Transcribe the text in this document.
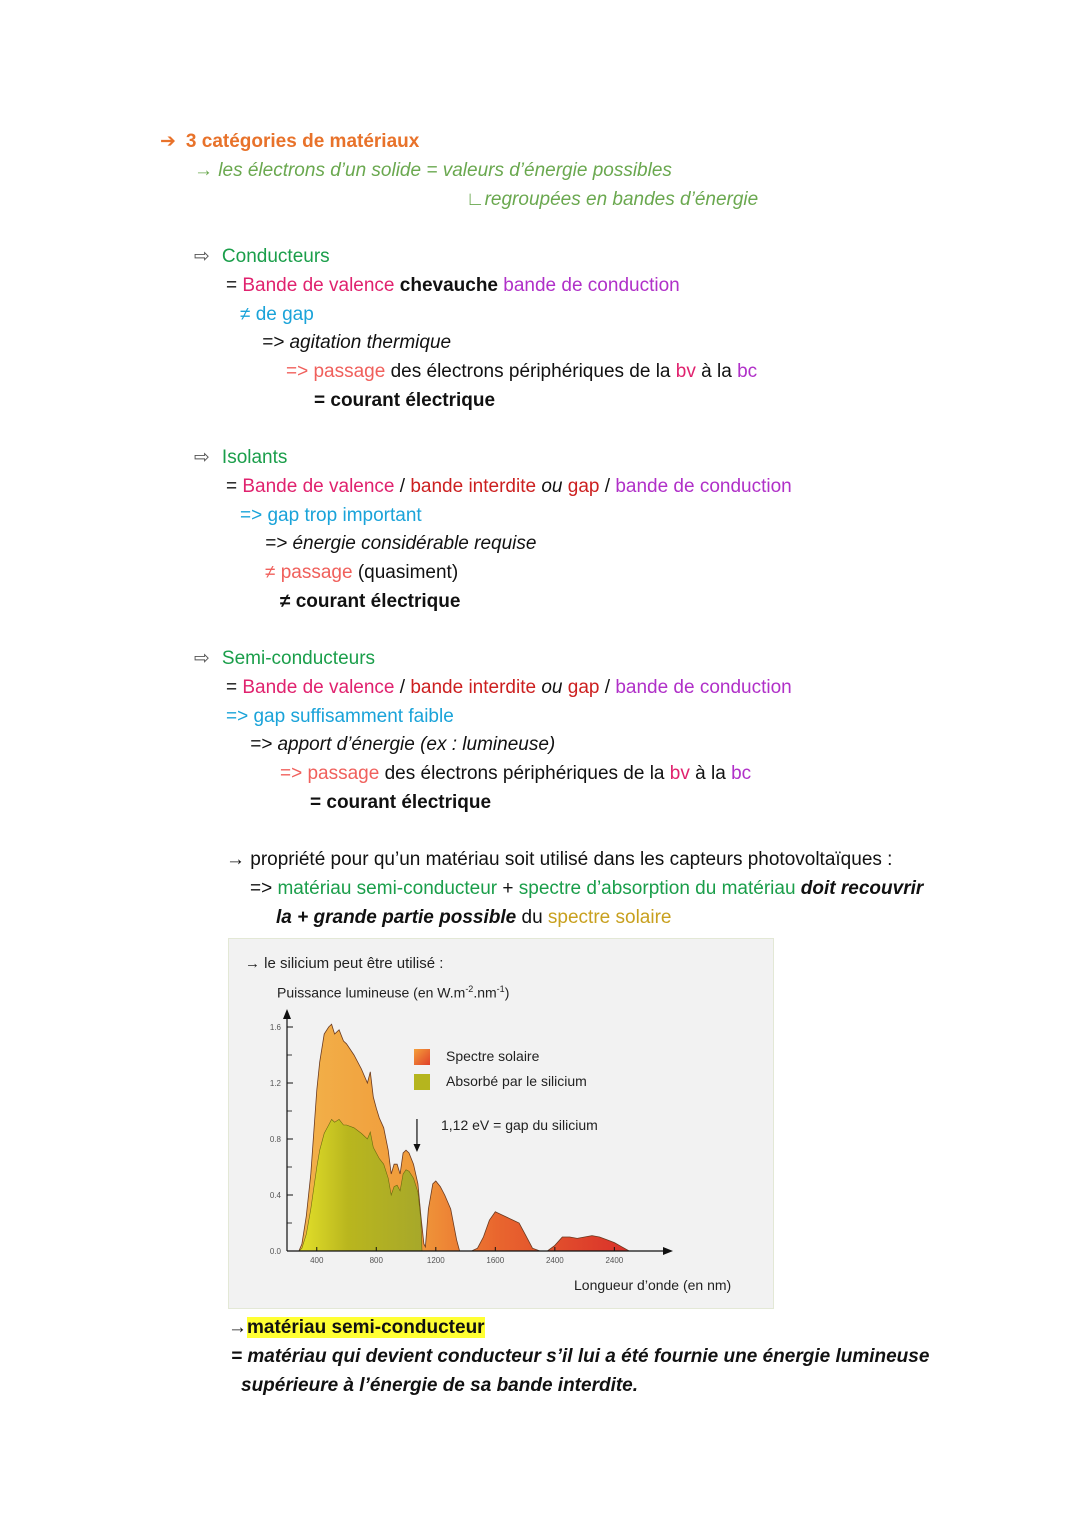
➔ 3 catégories de matériaux
→ les électrons d’un solide = valeurs d’énergie possibles
∟regroupées en bandes d’énergie
⇨ Conducteurs
= Bande de valence chevauche bande de conduction
≠ de gap
=> agitation thermique
=> passage des électrons périphériques de la bv à la bc
= courant électrique
⇨ Isolants
= Bande de valence / bande interdite ou gap / bande de conduction
=> gap trop important
=> énergie considérable requise
≠ passage (quasiment)
≠ courant électrique
⇨ Semi-conducteurs
= Bande de valence / bande interdite ou gap / bande de conduction
=> gap suffisamment faible
=> apport d’énergie (ex : lumineuse)
=> passage des électrons périphériques de la bv à la bc
= courant électrique
→ propriété pour qu’un matériau soit utilisé dans les capteurs photovoltaïques :
=> matériau semi-conducteur + spectre d’absorption du matériau doit recouvrir
la + grande partie possible du spectre solaire
→ le silicium peut être utilisé :
Puissance lumineuse (en $W.m^{-2}.nm^{-1}$)
Longueur d’onde (en nm)
1,12 eV = gap du silicium
Spectre solaire
Absorbé par le silicium
1.6
1.2
0.8
0.4
0.0
400	800	1200	1600	2400	2400
→matériau semi-conducteur
= matériau qui devient conducteur s’il lui a été fournie une énergie lumineuse
supérieure à l’énergie de sa bande interdite.
